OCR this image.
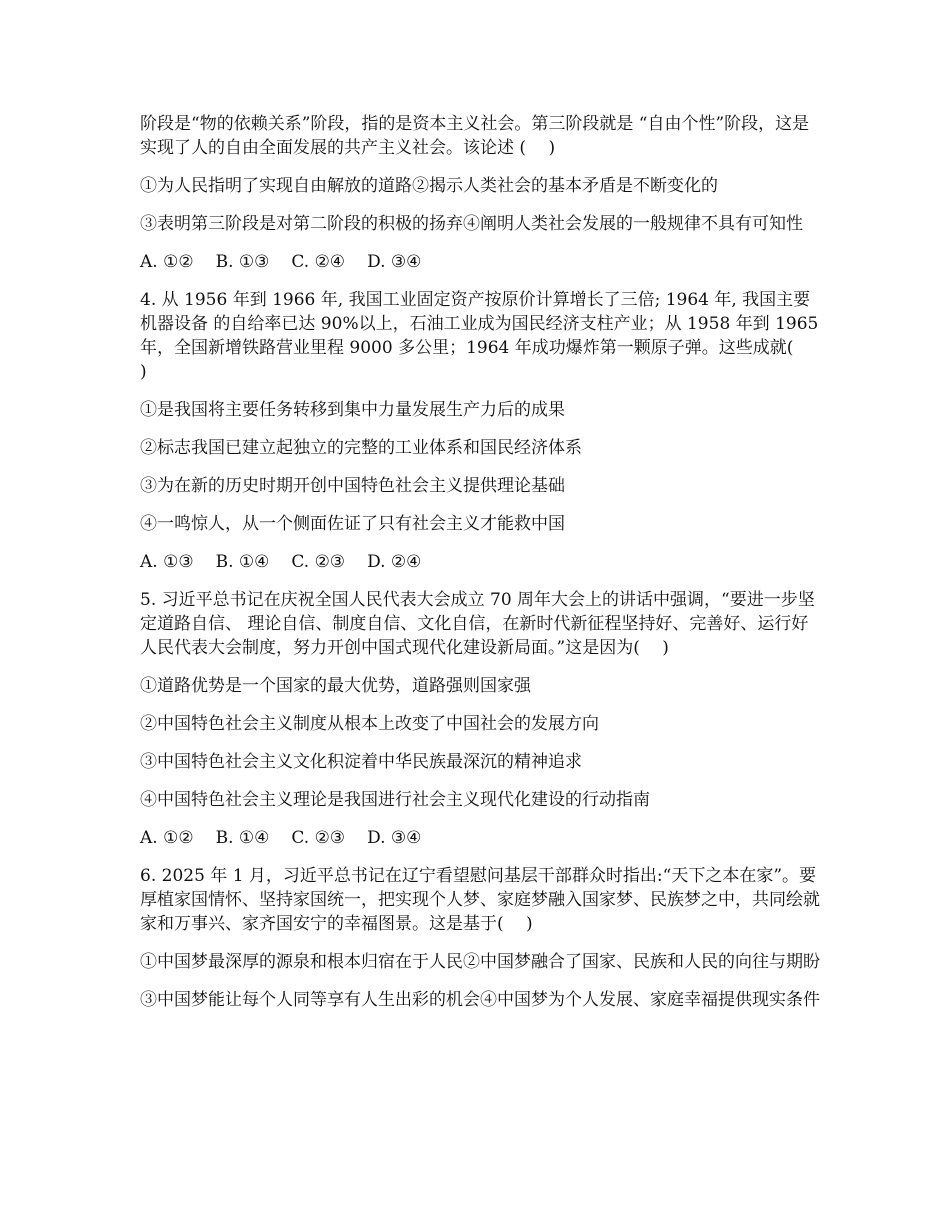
阶段是“物的依赖关系”阶段，指的是资本主义社会。第三阶段就是 “自由个性”阶段，这是实现了人的自由全面发展的共产主义社会。该论述 (　 )

①为人民指明了实现自由解放的道路②揭示人类社会的基本矛盾是不断变化的

③表明第三阶段是对第二阶段的积极的扬弃④阐明人类社会发展的一般规律不具有可知性

A. ①② B. ①③ C. ②④ D. ③④

4. 从 1956 年到 1966 年, 我国工业固定资产按原价计算增长了三倍; 1964 年, 我国主要机器设备 的自给率已达 90%以上，石油工业成为国民经济支柱产业；从 1958 年到 1965 年，全国新增铁路营业里程 9000 多公里；1964 年成功爆炸第一颗原子弹。这些成就(　 )

①是我国将主要任务转移到集中力量发展生产力后的成果

②标志我国已建立起独立的完整的工业体系和国民经济体系

③为在新的历史时期开创中国特色社会主义提供理论基础

④一鸣惊人，从一个侧面佐证了只有社会主义才能救中国

A. ①③ B. ①④ C. ②③ D. ②④

5. 习近平总书记在庆祝全国人民代表大会成立 70 周年大会上的讲话中强调，“要进一步坚定道路自信、 理论自信、制度自信、文化自信，在新时代新征程坚持好、完善好、运行好人民代表大会制度，努力开创中国式现代化建设新局面。”这是因为(　 )

①道路优势是一个国家的最大优势，道路强则国家强

②中国特色社会主义制度从根本上改变了中国社会的发展方向

③中国特色社会主义文化积淀着中华民族最深沉的精神追求

④中国特色社会主义理论是我国进行社会主义现代化建设的行动指南

A. ①② B. ①④ C. ②③ D. ③④

6. 2025 年 1 月，习近平总书记在辽宁看望慰问基层干部群众时指出:“天下之本在家”。要厚植家国情怀、坚持家国统一，把实现个人梦、家庭梦融入国家梦、民族梦之中，共同绘就家和万事兴、家齐国安宁的幸福图景。这是基于(　 )

①中国梦最深厚的源泉和根本归宿在于人民②中国梦融合了国家、民族和人民的向往与期盼

③中国梦能让每个人同等享有人生出彩的机会④中国梦为个人发展、家庭幸福提供现实条件
